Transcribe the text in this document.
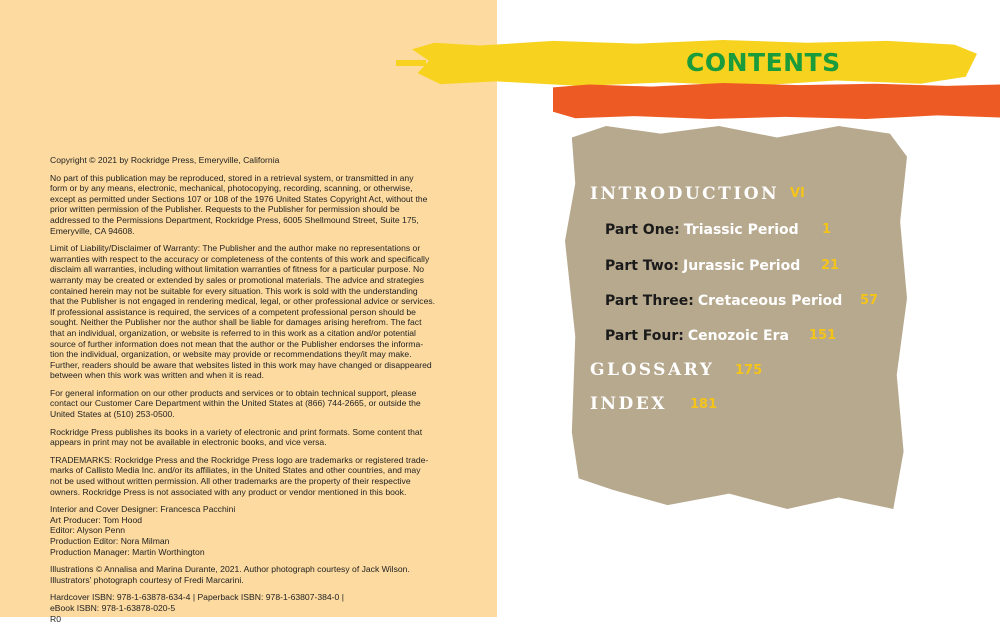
Copyright © 2021 by Rockridge Press, Emeryville, California

No part of this publication may be reproduced, stored in a retrieval system, or transmitted in any
form or by any means, electronic, mechanical, photocopying, recording, scanning, or otherwise,
except as permitted under Sections 107 or 108 of the 1976 United States Copyright Act, without the
prior written permission of the Publisher. Requests to the Publisher for permission should be
addressed to the Permissions Department, Rockridge Press, 6005 Shellmound Street, Suite 175,
Emeryville, CA 94608.

Limit of Liability/Disclaimer of Warranty: The Publisher and the author make no representations or
warranties with respect to the accuracy or completeness of the contents of this work and specifically
disclaim all warranties, including without limitation warranties of fitness for a particular purpose. No
warranty may be created or extended by sales or promotional materials. The advice and strategies
contained herein may not be suitable for every situation. This work is sold with the understanding
that the Publisher is not engaged in rendering medical, legal, or other professional advice or services.
If professional assistance is required, the services of a competent professional person should be
sought. Neither the Publisher nor the author shall be liable for damages arising herefrom. The fact
that an individual, organization, or website is referred to in this work as a citation and/or potential
source of further information does not mean that the author or the Publisher endorses the informa-
tion the individual, organization, or website may provide or recommendations they/it may make.
Further, readers should be aware that websites listed in this work may have changed or disappeared
between when this work was written and when it is read.

For general information on our other products and services or to obtain technical support, please
contact our Customer Care Department within the United States at (866) 744-2665, or outside the
United States at (510) 253-0500.

Rockridge Press publishes its books in a variety of electronic and print formats. Some content that
appears in print may not be available in electronic books, and vice versa.

TRADEMARKS: Rockridge Press and the Rockridge Press logo are trademarks or registered trade-
marks of Callisto Media Inc. and/or its affiliates, in the United States and other countries, and may
not be used without written permission. All other trademarks are the property of their respective
owners. Rockridge Press is not associated with any product or vendor mentioned in this book.

Interior and Cover Designer: Francesca Pacchini
Art Producer: Tom Hood
Editor: Alyson Penn
Production Editor: Nora Milman
Production Manager: Martin Worthington

Illustrations © Annalisa and Marina Durante, 2021. Author photograph courtesy of Jack Wilson.
Illustrators' photograph courtesy of Fredi Marcarini.

Hardcover ISBN: 978-1-63878-634-4 | Paperback ISBN: 978-1-63807-384-0 |
eBook ISBN: 978-1-63878-020-5
R0

CONTENTS
INTRODUCTION VI
Part One: Triassic Period 1
Part Two: Jurassic Period 21
Part Three: Cretaceous Period 57
Part Four: Cenozoic Era 151
GLOSSARY 175
INDEX 181
